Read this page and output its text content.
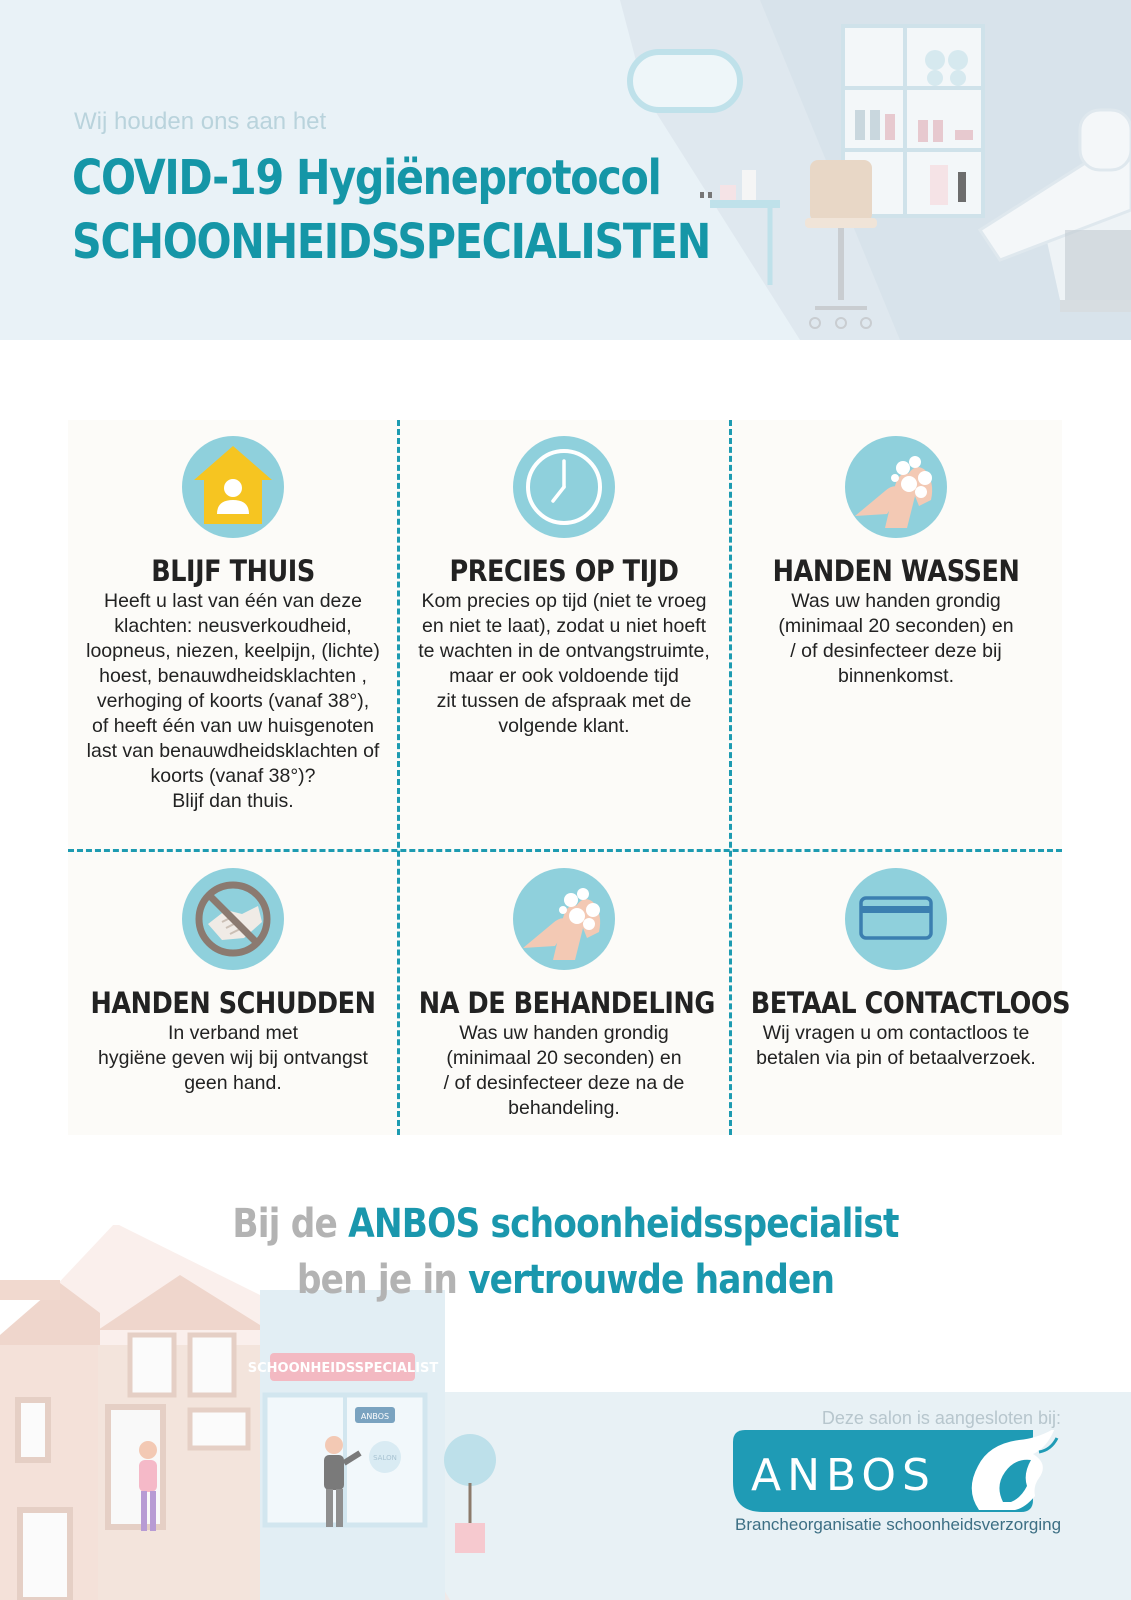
Wij houden ons aan het
COVID-19 Hygiëneprotocol
SCHOONHEIDSSPECIALISTEN
BLIJF THUIS

Heeft u last van één van deze
klachten: neusverkoudheid,
loopneus, niezen, keelpijn, (lichte)
hoest, benauwdheidsklachten ,
verhoging of koorts (vanaf 38°),
of heeft één van uw huisgenoten
last van benauwdheidsklachten of
koorts (vanaf 38°)?
Blijf dan thuis.

PRECIES OP TIJD

Kom precies op tijd (niet te vroeg
en niet te laat), zodat u niet hoeft
te wachten in de ontvangstruimte,
maar er ook voldoende tijd
zit tussen de afspraak met de
volgende klant.

HANDEN WASSEN

Was uw handen grondig
(minimaal 20 seconden) en
/ of desinfecteer deze bij
binnenkomst.

HANDEN SCHUDDEN

In verband met
hygiëne geven wij bij ontvangst
geen hand.

NA DE BEHANDELING

Was uw handen grondig
(minimaal 20 seconden) en
/ of desinfecteer deze na de
behandeling.

BETAAL CONTACTLOOS

Wij vragen u om contactloos te
betalen via pin of betaalverzoek.

SCHOONHEIDSSPECIALIST
ANBOS
SALON
Bij de ANBOS schoonheidsspecialist
ben je in vertrouwde handen
Deze salon is aangesloten bij:
ANBOS
Brancheorganisatie schoonheidsverzorging
